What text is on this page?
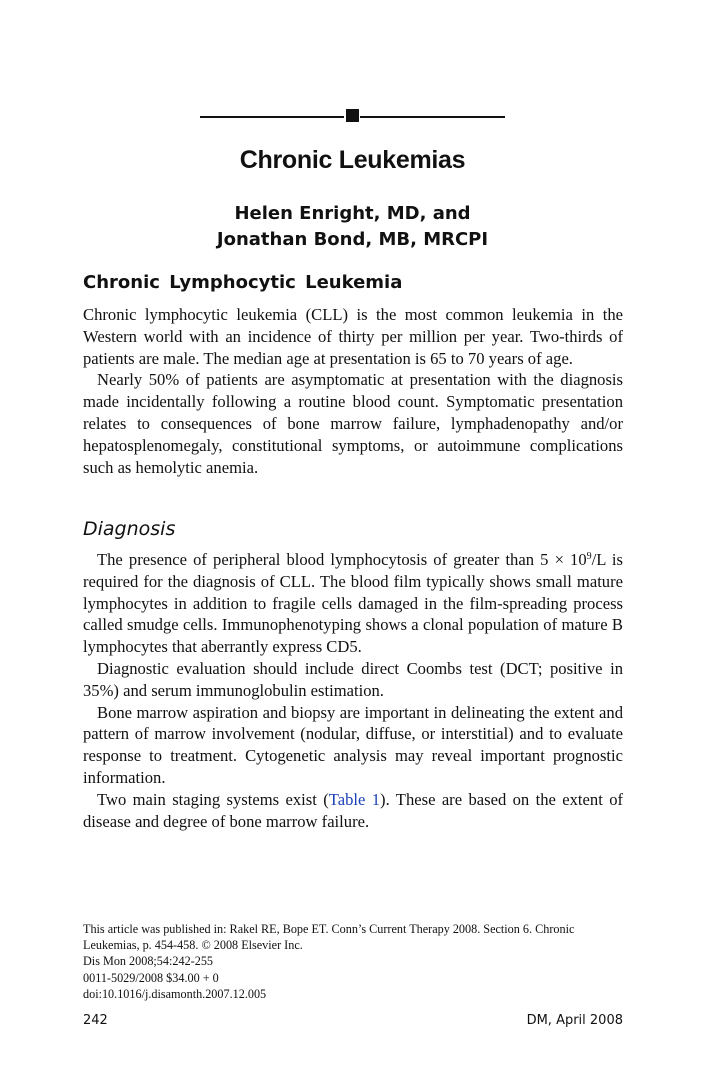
Chronic Leukemias
Helen Enright, MD, and
Jonathan Bond, MB, MRCPI
Chronic Lymphocytic Leukemia

Chronic lymphocytic leukemia (CLL) is the most common leukemia in the Western world with an incidence of thirty per million per year. Two-thirds of patients are male. The median age at presentation is 65 to 70 years of age.

Nearly 50% of patients are asymptomatic at presentation with the diagnosis made incidentally following a routine blood count. Symptomatic presentation relates to consequences of bone marrow failure, lymphadenopathy and/or hepatosplenomegaly, constitutional symptoms, or autoimmune complications such as hemolytic anemia.

Diagnosis

The presence of peripheral blood lymphocytosis of greater than $5 \times 10^9/L$ is required for the diagnosis of CLL. The blood film typically shows small mature lymphocytes in addition to fragile cells damaged in the film-spreading process called smudge cells. Immunophenotyping shows a clonal population of mature B lymphocytes that aberrantly express CD5.

Diagnostic evaluation should include direct Coombs test (DCT; positive in 35%) and serum immunoglobulin estimation.

Bone marrow aspiration and biopsy are important in delineating the extent and pattern of marrow involvement (nodular, diffuse, or interstitial) and to evaluate response to treatment. Cytogenetic analysis may reveal important prognostic information.

Two main staging systems exist (Table 1). These are based on the extent of disease and degree of bone marrow failure.

This article was published in: Rakel RE, Bope ET. Conn’s Current Therapy 2008. Section 6. Chronic
Leukemias, p. 454-458. © 2008 Elsevier Inc.
Dis Mon 2008;54:242-255
0011-5029/2008 $34.00 + 0
doi:10.1016/j.disamonth.2007.12.005
242	DM, April 2008
